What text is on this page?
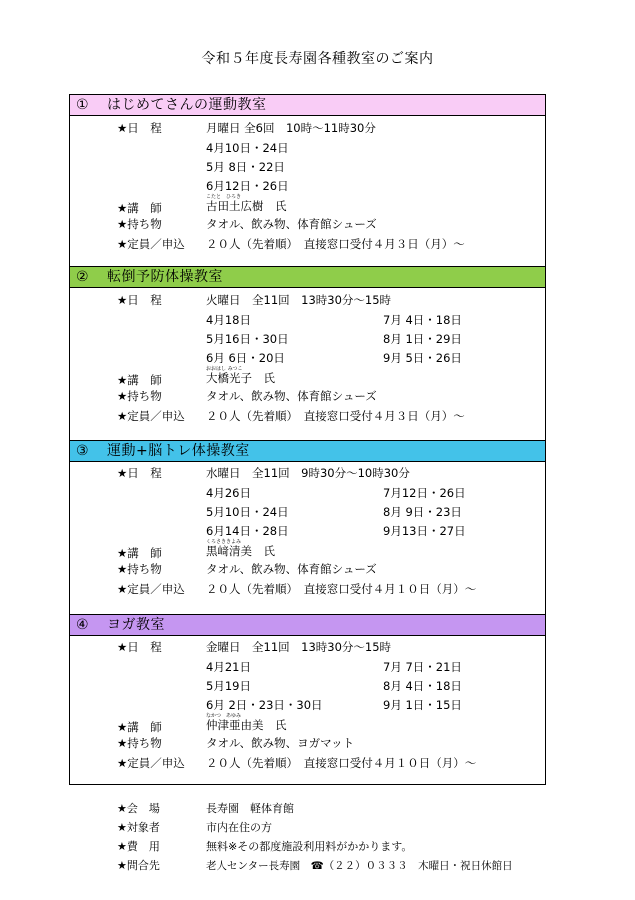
令和５年度長寿園各種教室のご案内
① はじめてさんの運動教室
★日　程	月曜日 全6回　10時～11時30分
4月10日・24日
5月 8日・22日
6月12日・26日
★講　師
こたと　ひろき
古田土広樹　氏
★持ち物	タオル、飲み物、体育館シューズ
★定員／申込 ２０人（先着順）　直接窓口受付４月３日（月）～
② 転倒予防体操教室
★日　程	火曜日　全11回　13時30分～15時
4月18日	7月 4日・18日
5月16日・30日	8月 1日・29日
6月 6日・20日	9月 5日・26日
★講　師
おおはし みつこ
大橋光子　氏
★持ち物	タオル、飲み物、体育館シューズ
★定員／申込 ２０人（先着順）　直接窓口受付４月３日（月）～
③ 運動+脳トレ体操教室
★日　程	水曜日　全11回　9時30分～10時30分
4月26日	7月12日・26日
5月10日・24日	8月 9日・23日
6月14日・28日	9月13日・27日
★講　師
くろさききよみ
黒﨑清美　氏
★持ち物	タオル、飲み物、体育館シューズ
★定員／申込 ２０人（先着順）　直接窓口受付４月１０日（月）～
④ ヨガ教室
★日　程	金曜日　全11回　13時30分～15時
4月21日	7月 7日・21日
5月19日	8月 4日・18日
6月 2日・23日・30日	9月 1日・15日
★講　師
なかつ　あゆみ
仲津亜由美　氏
★持ち物	タオル、飲み物、ヨガマット
★定員／申込 ２０人（先着順）　直接窓口受付４月１０日（月）～
★会　場	長寿園　軽体育館
★対象者	市内在住の方
★費　用	無料※その都度施設利用料がかかります。
★問合先	老人センター長寿園　☎（２２）０３３３　木曜日・祝日休館日
